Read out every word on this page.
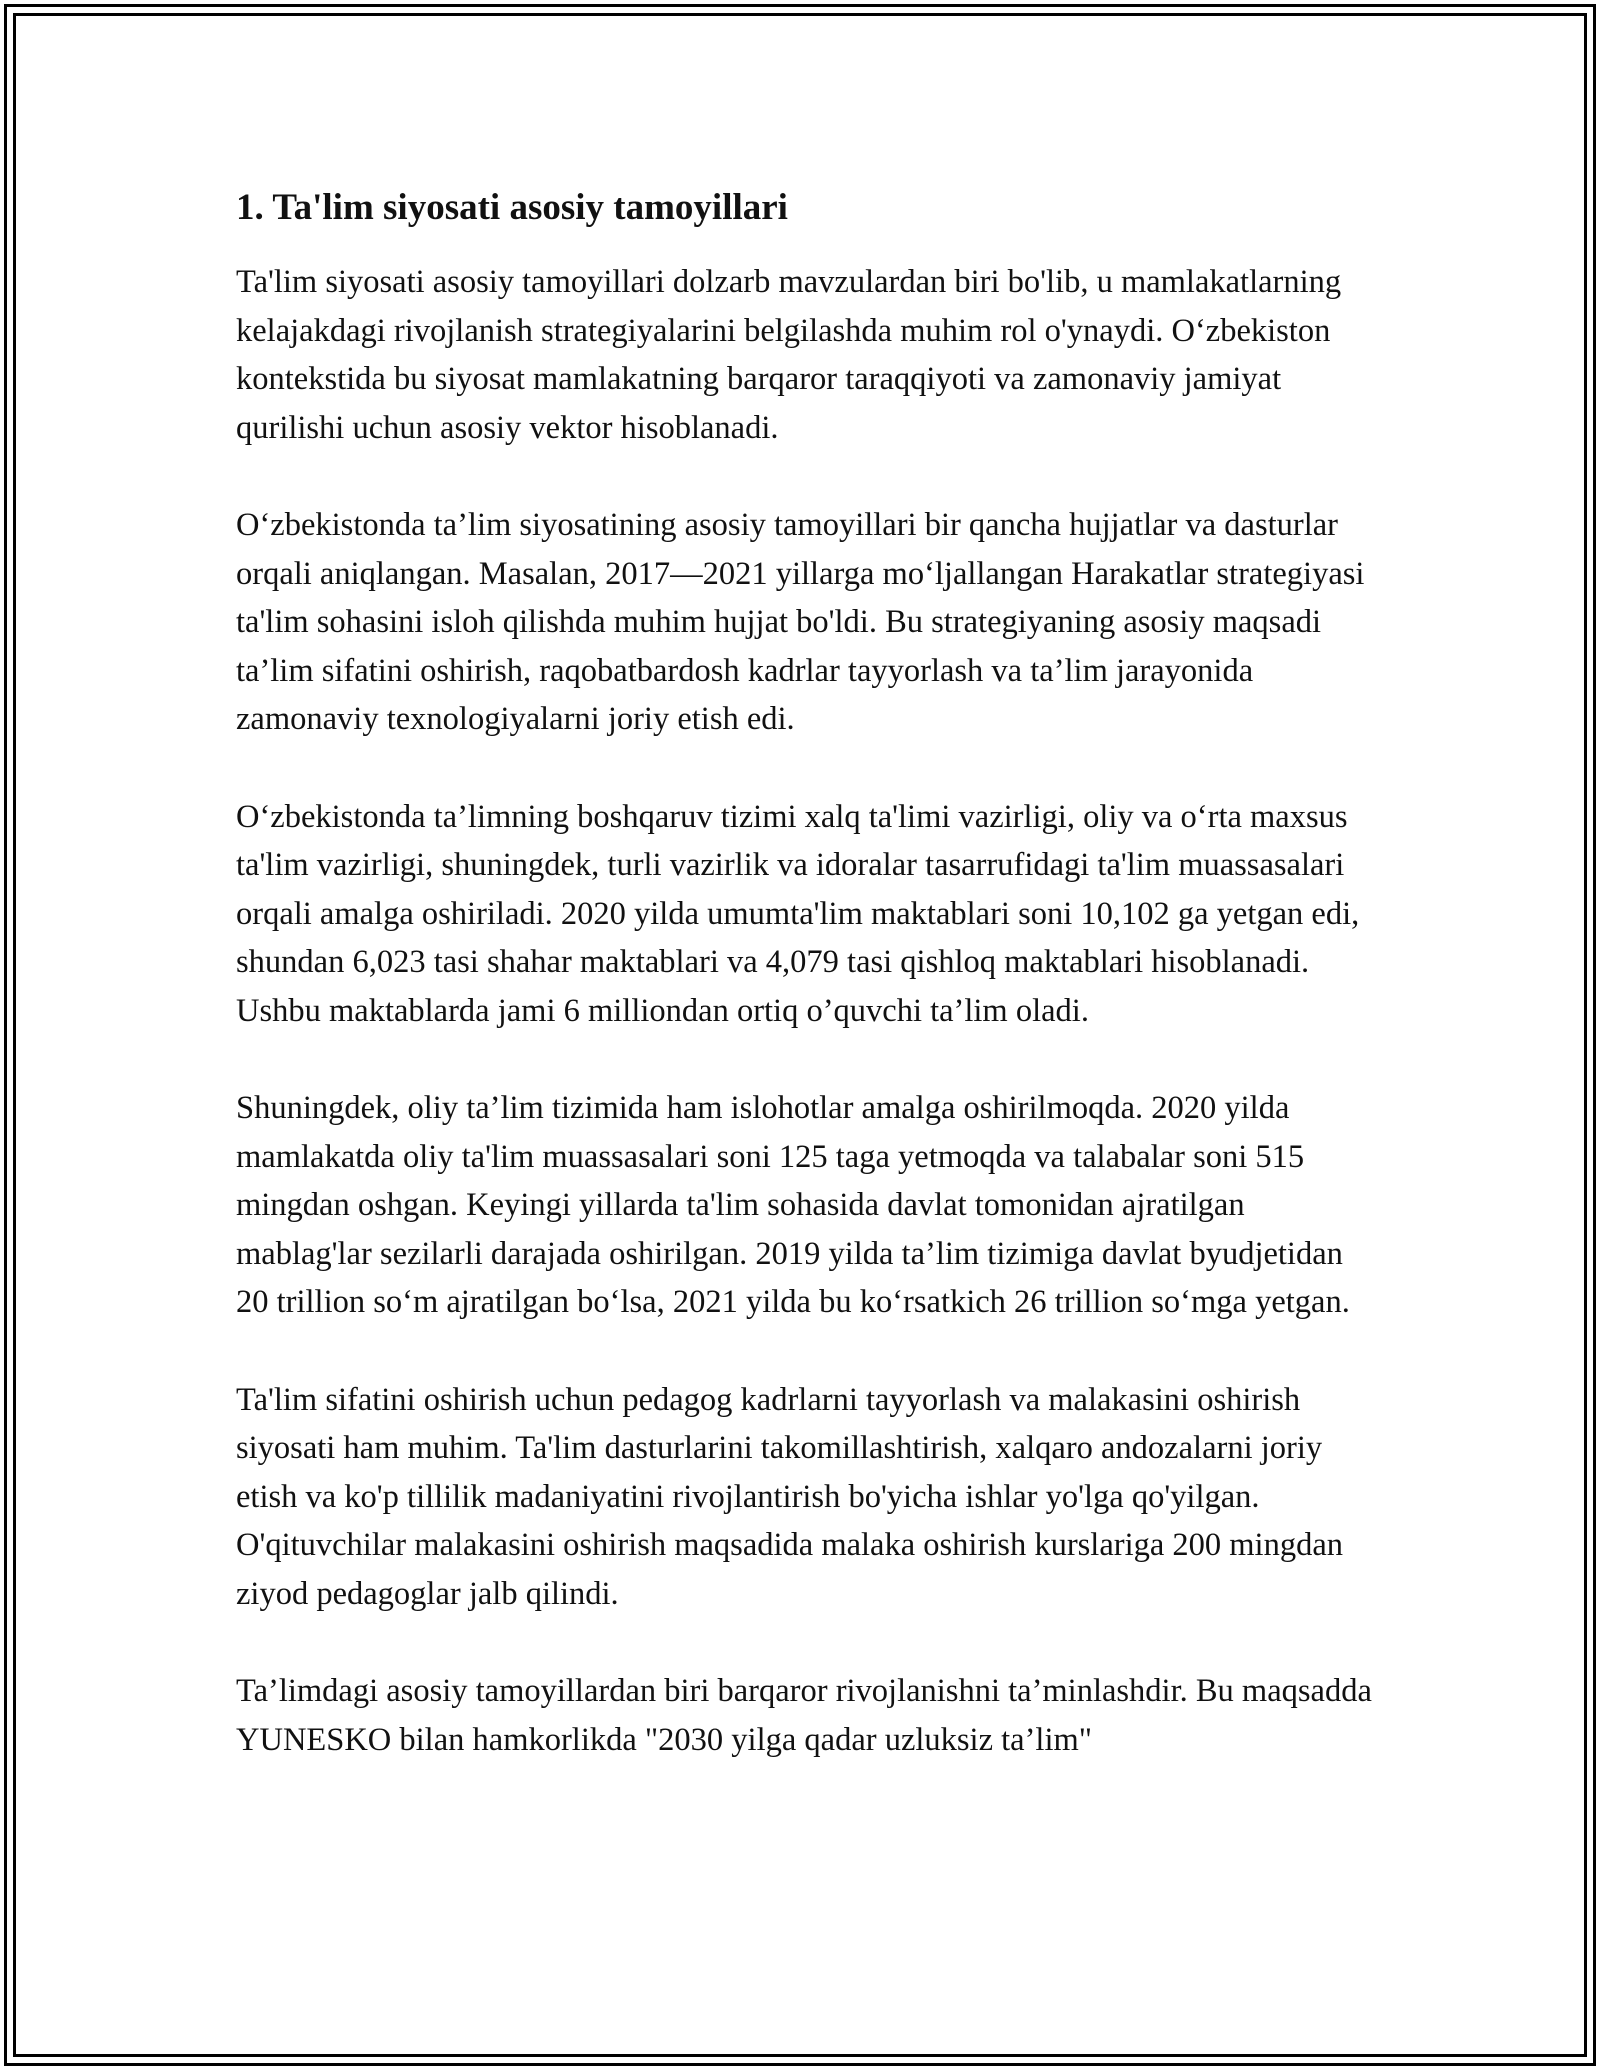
1. Ta'lim siyosati asosiy tamoyillari

Ta'lim siyosati asosiy tamoyillari dolzarb mavzulardan biri bo'lib, u mamlakatlarning kelajakdagi rivojlanish strategiyalarini belgilashda muhim rol o'ynaydi. O‘zbekiston kontekstida bu siyosat mamlakatning barqaror taraqqiyoti va zamonaviy jamiyat qurilishi uchun asosiy vektor hisoblanadi.

O‘zbekistonda ta’lim siyosatining asosiy tamoyillari bir qancha hujjatlar va dasturlar orqali aniqlangan. Masalan, 2017—2021 yillarga mo‘ljallangan Harakatlar strategiyasi ta'lim sohasini isloh qilishda muhim hujjat bo'ldi. Bu strategiyaning asosiy maqsadi ta’lim sifatini oshirish, raqobatbardosh kadrlar tayyorlash va ta’lim jarayonida zamonaviy texnologiyalarni joriy etish edi.

O‘zbekistonda ta’limning boshqaruv tizimi xalq ta'limi vazirligi, oliy va o‘rta maxsus ta'lim vazirligi, shuningdek, turli vazirlik va idoralar tasarrufidagi ta'lim muassasalari orqali amalga oshiriladi. 2020 yilda umumta'lim maktablari soni 10,102 ga yetgan edi, shundan 6,023 tasi shahar maktablari va 4,079 tasi qishloq maktablari hisoblanadi. Ushbu maktablarda jami 6 milliondan ortiq o’quvchi ta’lim oladi.

Shuningdek, oliy ta’lim tizimida ham islohotlar amalga oshirilmoqda. 2020 yilda mamlakatda oliy ta'lim muassasalari soni 125 taga yetmoqda va talabalar soni 515 mingdan oshgan. Keyingi yillarda ta'lim sohasida davlat tomonidan ajratilgan mablag'lar sezilarli darajada oshirilgan. 2019 yilda ta’lim tizimiga davlat byudjetidan 20 trillion so‘m ajratilgan bo‘lsa, 2021 yilda bu ko‘rsatkich 26 trillion so‘mga yetgan.

Ta'lim sifatini oshirish uchun pedagog kadrlarni tayyorlash va malakasini oshirish siyosati ham muhim. Ta'lim dasturlarini takomillashtirish, xalqaro andozalarni joriy etish va ko'p tillilik madaniyatini rivojlantirish bo'yicha ishlar yo'lga qo'yilgan. O'qituvchilar malakasini oshirish maqsadida malaka oshirish kurslariga 200 mingdan ziyod pedagoglar jalb qilindi.

Ta’limdagi asosiy tamoyillardan biri barqaror rivojlanishni ta’minlashdir. Bu maqsadda YUNESKO bilan hamkorlikda "2030 yilga qadar uzluksiz ta’lim"
